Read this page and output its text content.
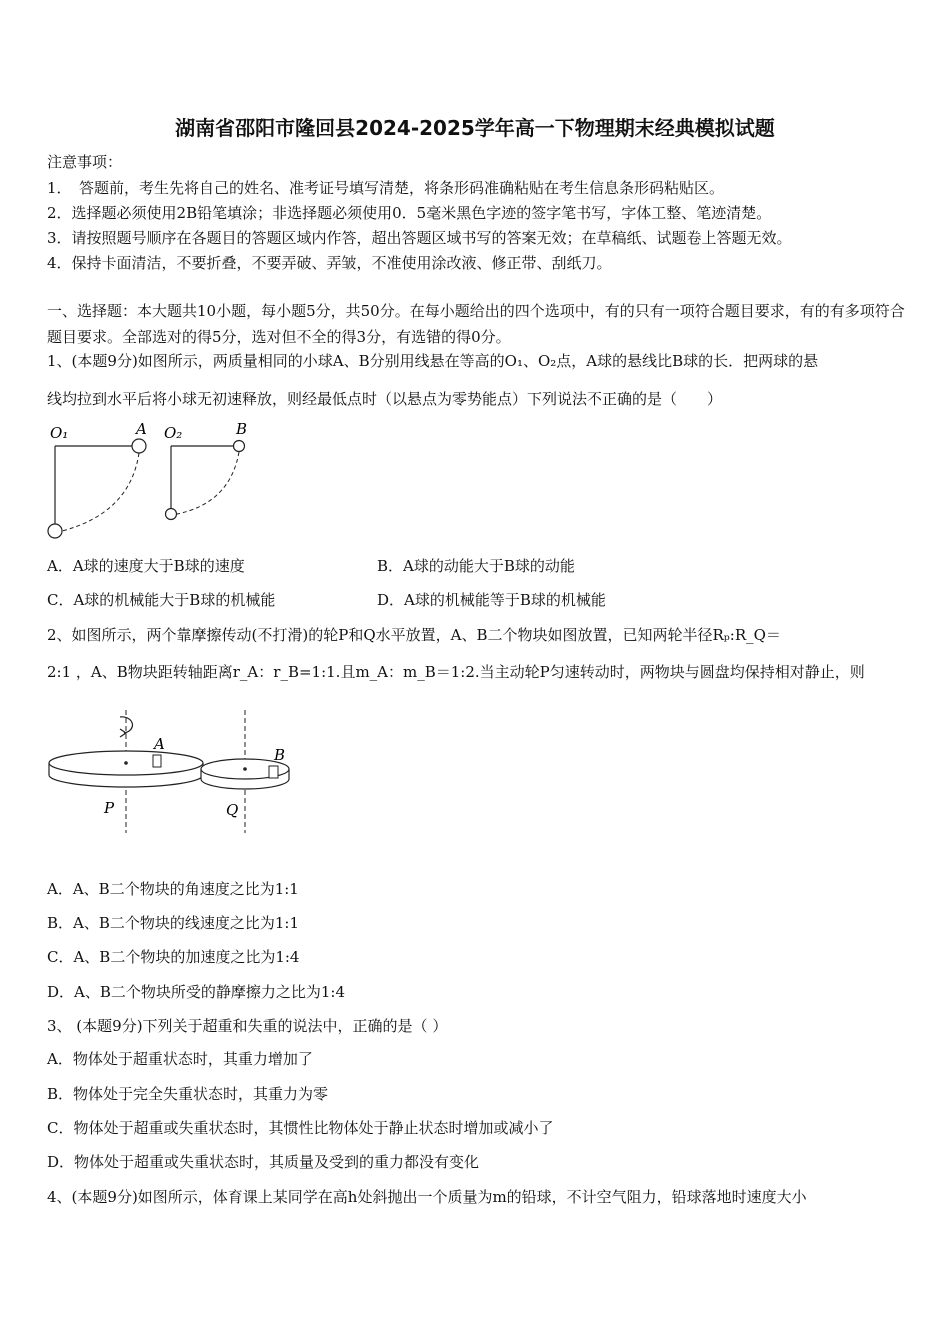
湖南省邵阳市隆回县2024-2025学年高一下物理期末经典模拟试题
注意事项：
1．　答题前，考生先将自己的姓名、准考证号填写清楚，将条形码准确粘贴在考生信息条形码粘贴区。
2．选择题必须使用2B铅笔填涂；非选择题必须使用0．5毫米黑色字迹的签字笔书写，字体工整、笔迹清楚。
3．请按照题号顺序在各题目的答题区域内作答，超出答题区域书写的答案无效；在草稿纸、试题卷上答题无效。
4．保持卡面清洁，不要折叠，不要弄破、弄皱，不准使用涂改液、修正带、刮纸刀。
一、选择题：本大题共10小题，每小题5分，共50分。在每小题给出的四个选项中，有的只有一项符合题目要求，有的有多项符合题目要求。全部选对的得5分，选对但不全的得3分，有选错的得0分。
1、(本题9分)如图所示，两质量相同的小球A、B分别用线悬在等高的O₁、O₂点，A球的悬线比B球的长．把两球的悬
线均拉到水平后将小球无初速释放，则经最低点时（以悬点为零势能点）下列说法不正确的是（　　）
O₁	A O₂	B
A．A球的速度大于B球的速度	B．A球的动能大于B球的动能
C．A球的机械能大于B球的机械能	D．A球的机械能等于B球的机械能
2、如图所示，两个靠摩擦传动(不打滑)的轮P和Q水平放置，A、B二个物块如图放置，已知两轮半径Rₚ:R_Q＝
2:1 ，A、B物块距转轴距离r_A：r_B=1:1.且m_A：m_B＝1:2.当主动轮P匀速转动时，两物块与圆盘均保持相对静止，则
A
P
B
Q
A．A、B二个物块的角速度之比为1:1
B．A、B二个物块的线速度之比为1:1
C．A、B二个物块的加速度之比为1:4
D．A、B二个物块所受的静摩擦力之比为1:4
3、 (本题9分)下列关于超重和失重的说法中，正确的是（ ）
A．物体处于超重状态时，其重力增加了
B．物体处于完全失重状态时，其重力为零
C．物体处于超重或失重状态时，其惯性比物体处于静止状态时增加或减小了
D．物体处于超重或失重状态时，其质量及受到的重力都没有变化
4、(本题9分)如图所示，体育课上某同学在高h处斜抛出一个质量为m的铅球，不计空气阻力，铅球落地时速度大小
